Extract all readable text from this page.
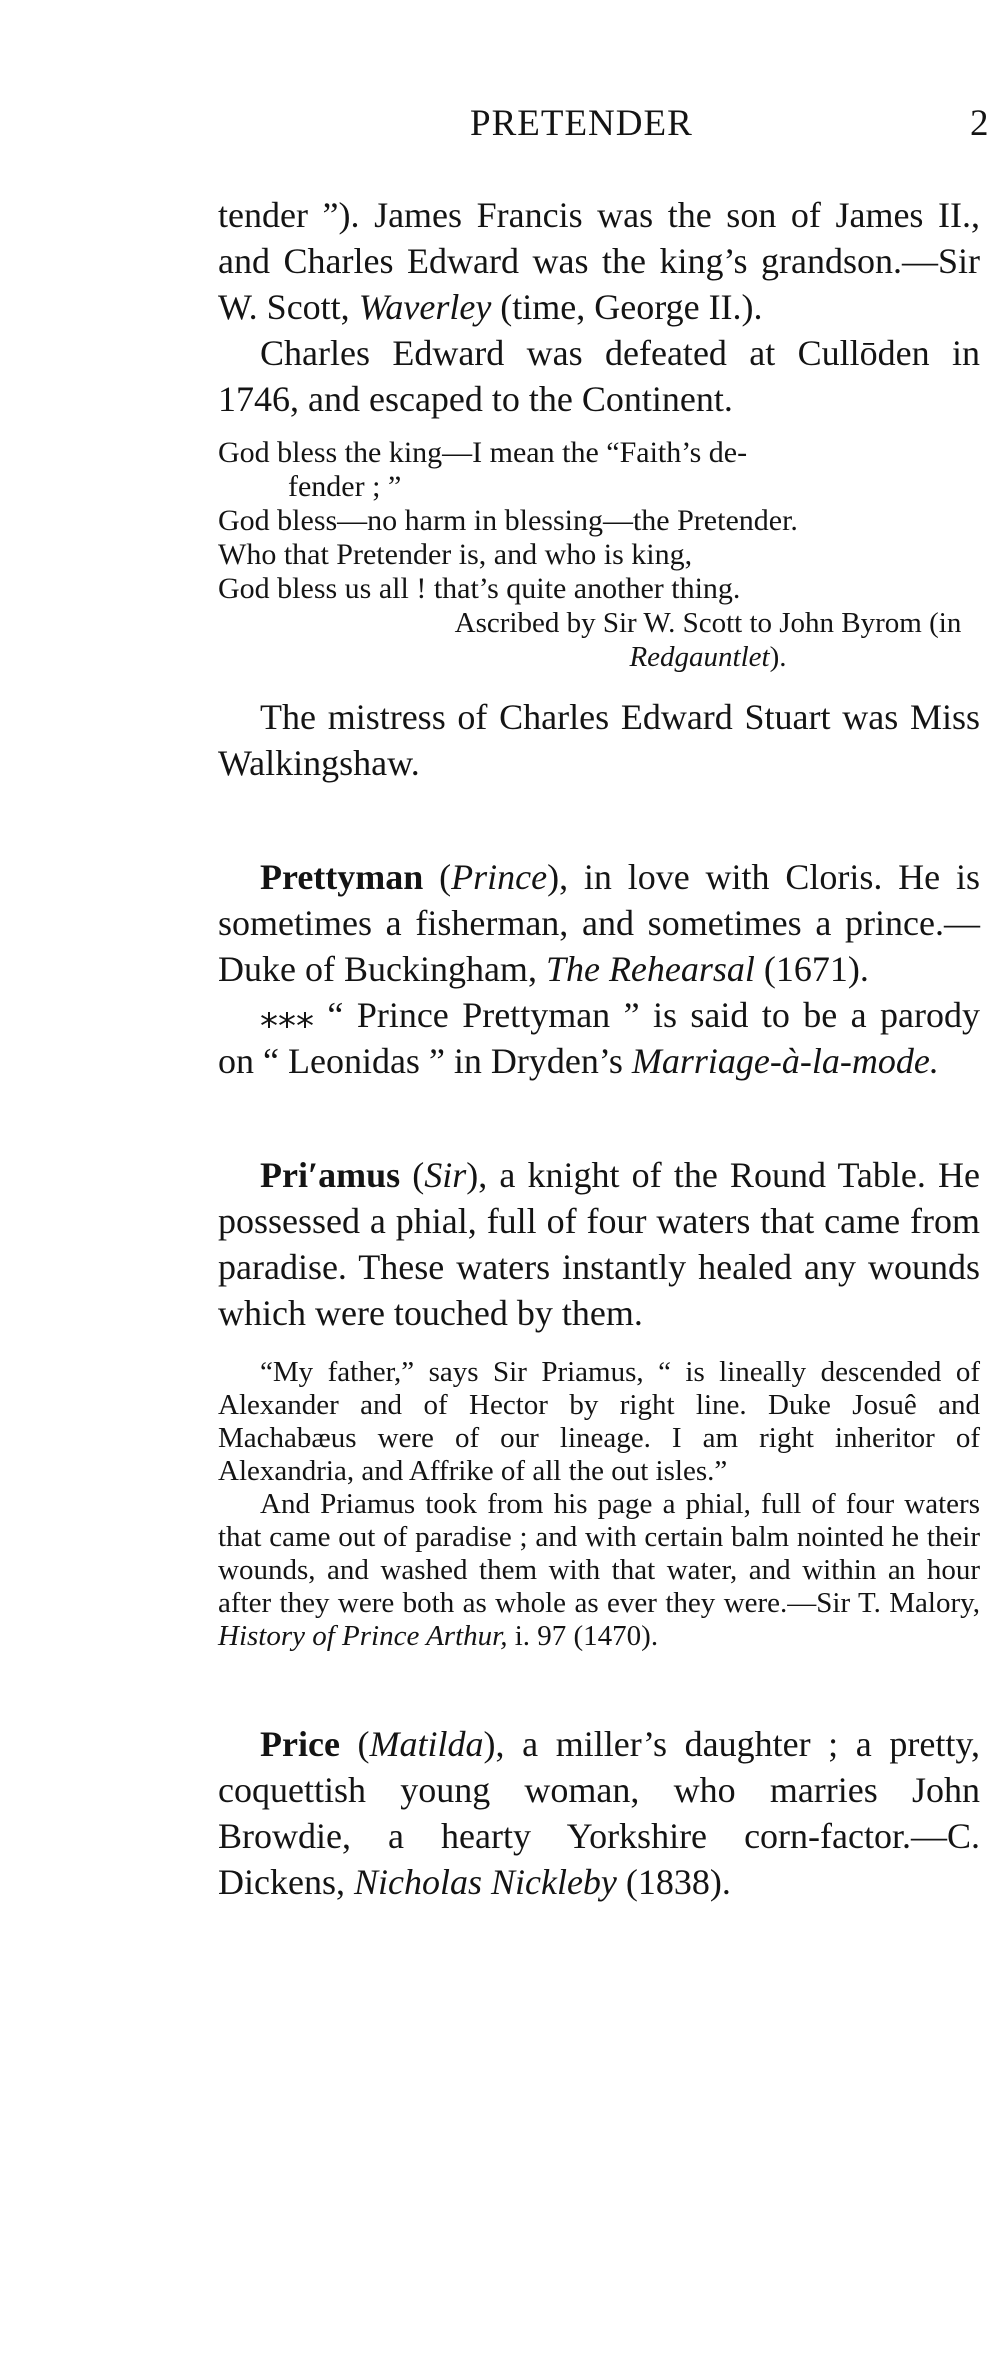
PRETENDER	2

tender ”). James Francis was the son of James II., and Charles Edward was the king’s grandson.—Sir W. Scott, Waverley (time, George II.).

Charles Edward was defeated at Cullōden in 1746, and escaped to the Continent.

God bless the king—I mean the “Faith’s de-
fender ; ”
God bless—no harm in blessing—the Pretender.
Who that Pretender is, and who is king,
God bless us all ! that’s quite another thing.
Ascribed by Sir W. Scott to John Byrom (in Redgauntlet).

The mistress of Charles Edward Stuart was Miss Walkingshaw.

Prettyman (Prince), in love with Cloris. He is sometimes a fisherman, and sometimes a prince.—Duke of Buckingham, The Rehearsal (1671).

⁎⁎⁎ “ Prince Prettyman ” is said to be a parody on “ Leonidas ” in Dryden’s Marriage-à-la-mode.

Pri′amus (Sir), a knight of the Round Table. He possessed a phial, full of four waters that came from paradise. These waters instantly healed any wounds which were touched by them.

“My father,” says Sir Priamus, “ is lineally descended of Alexander and of Hector by right line. Duke Josuê and Machabæus were of our lineage. I am right inheritor of Alexandria, and Affrike of all the out isles.”

And Priamus took from his page a phial, full of four waters that came out of paradise ; and with certain balm nointed he their wounds, and washed them with that water, and within an hour after they were both as whole as ever they were.—Sir T. Malory, History of Prince Arthur, i. 97 (1470).

Price (Matilda), a miller’s daughter ; a pretty, coquettish young woman, who marries John Browdie, a hearty Yorkshire corn-factor.—C. Dickens, Nicholas Nickleby (1838).
